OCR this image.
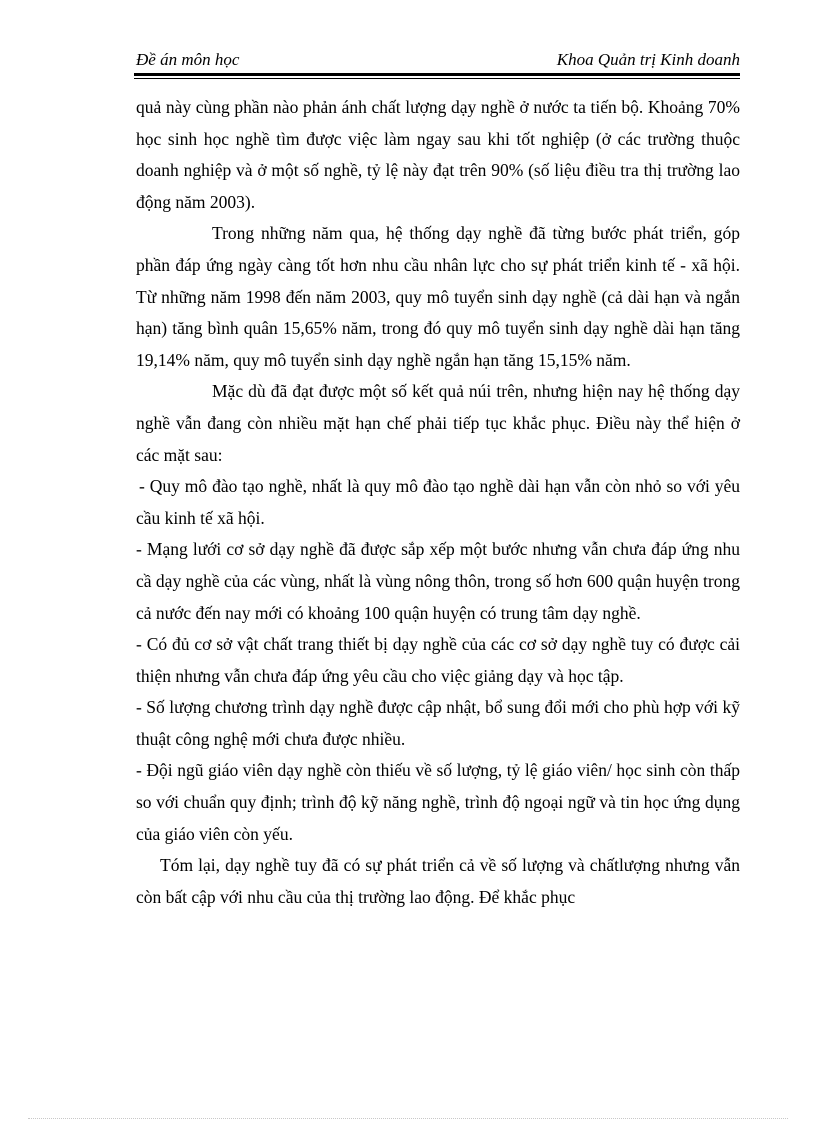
Đề án môn học	Khoa Quản trị Kinh doanh

quả này cùng phần nào phản ánh chất lượng dạy nghề ở nước ta tiến bộ. Khoảng 70% học sinh học nghề tìm được việc làm ngay sau khi tốt nghiệp (ở các trường thuộc doanh nghiệp và ở một số nghề, tỷ lệ này đạt trên 90% (số liệu điều tra thị trường lao động năm 2003).

Trong những năm qua, hệ thống dạy nghề đã từng bước phát triển, góp phần đáp ứng ngày càng tốt hơn nhu cầu nhân lực cho sự phát triển kinh tế - xã hội. Từ những năm 1998 đến năm 2003, quy mô tuyển sinh dạy nghề (cả dài hạn và ngắn hạn) tăng bình quân 15,65% năm, trong đó quy mô tuyển sinh dạy nghề dài hạn tăng 19,14% năm, quy mô tuyển sinh dạy nghề ngắn hạn tăng 15,15% năm.

Mặc dù đã đạt được một số kết quả núi trên, nhưng hiện nay hệ thống dạy nghề vẫn đang còn nhiều mặt hạn chế phải tiếp tục khắc phục. Điều này thể hiện ở các mặt sau:

- Quy mô đào tạo nghề, nhất là quy mô đào tạo nghề dài hạn vẫn còn nhỏ so với yêu cầu kinh tế xã hội.

- Mạng lưới cơ sở dạy nghề đã được sắp xếp một bước nhưng vẫn chưa đáp ứng nhu cầ dạy nghề của các vùng, nhất là vùng nông thôn, trong số hơn 600 quận huyện trong cả nước đến nay mới có khoảng 100 quận huyện có trung tâm dạy nghề.

- Có đủ cơ sở vật chất trang thiết bị dạy nghề của các cơ sở dạy nghề tuy có được cải thiện nhưng vẫn chưa đáp ứng yêu cầu cho việc giảng dạy và học tập.

- Số lượng chương trình dạy nghề được cập nhật, bổ sung đổi mới cho phù hợp với kỹ thuật công nghệ mới chưa được nhiều.

- Đội ngũ giáo viên dạy nghề còn thiếu về số lượng, tỷ lệ giáo viên/ học sinh còn thấp so với chuẩn quy định; trình độ kỹ năng nghề, trình độ ngoại ngữ và tin học ứng dụng của giáo viên còn yếu.

Tóm lại, dạy nghề tuy đã có sự phát triển cả về số lượng và chấtlượng nhưng vẫn còn bất cập với nhu cầu của thị trường lao động. Để khắc phục
